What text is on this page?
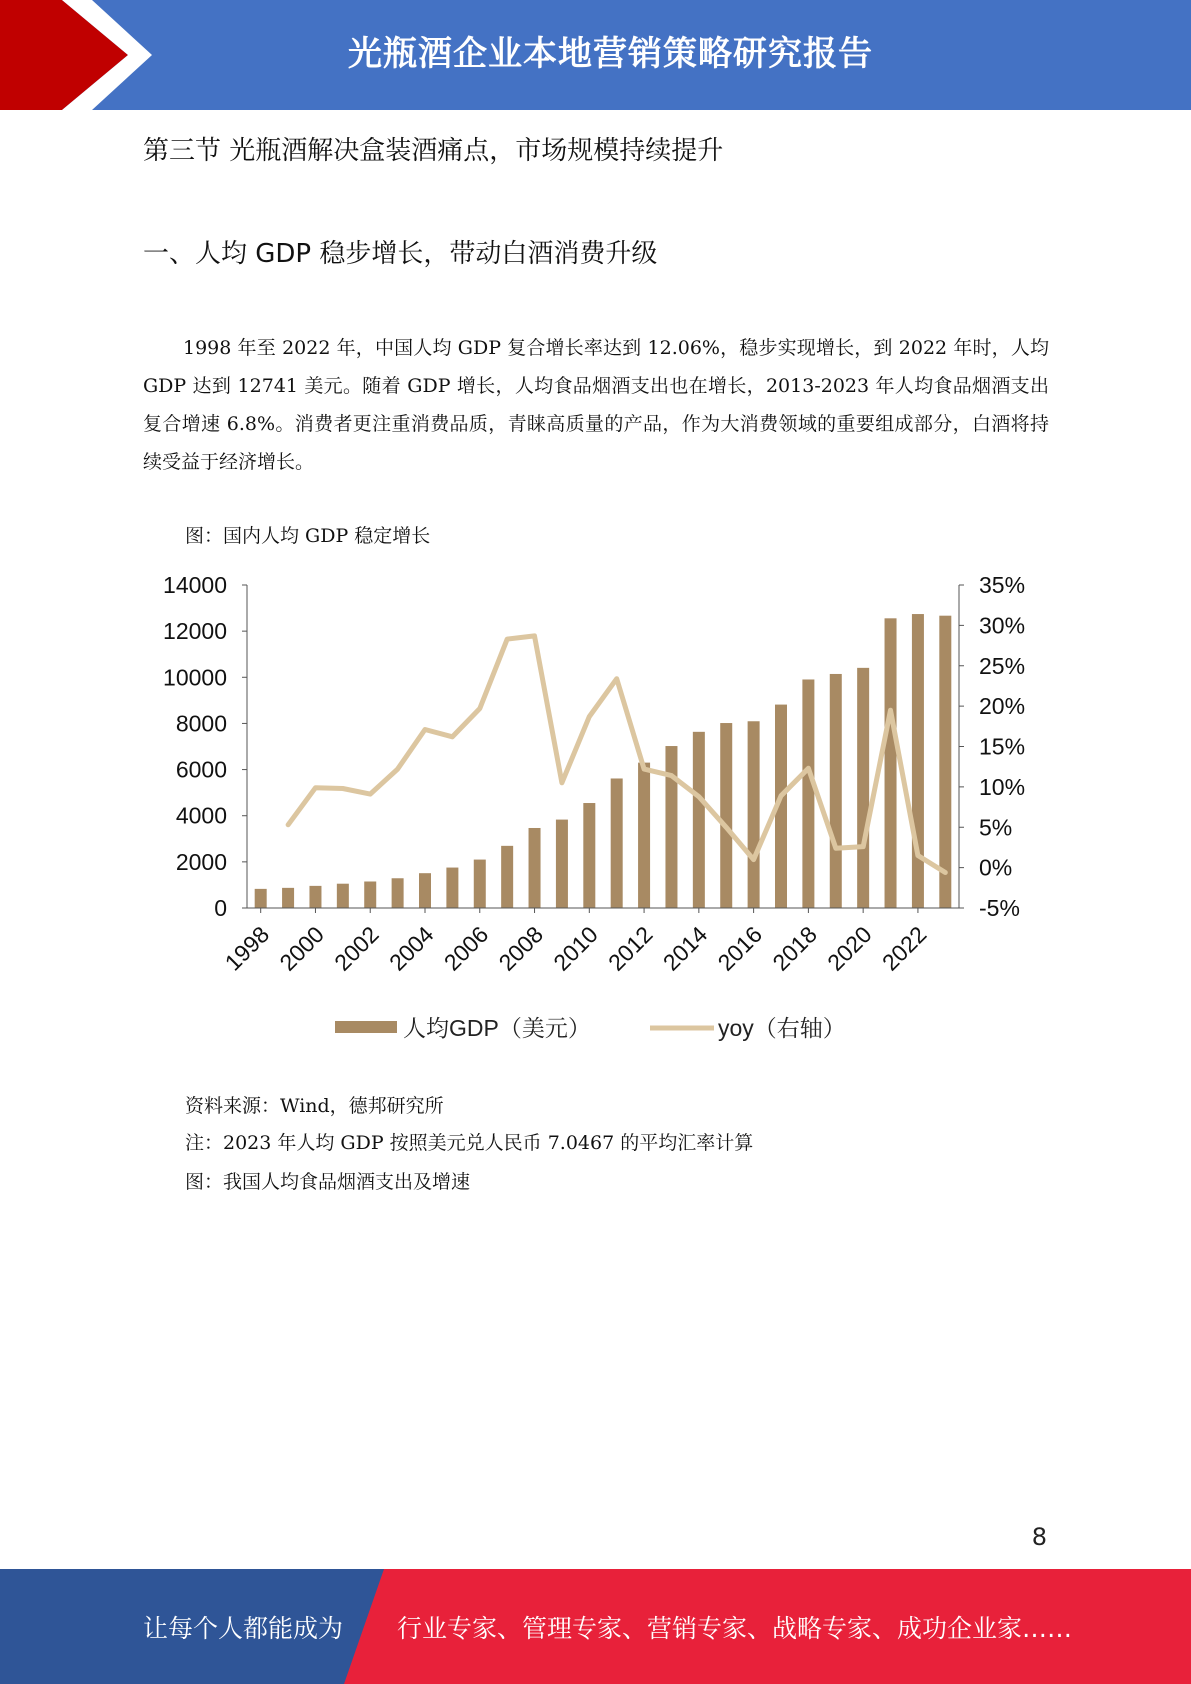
光瓶酒企业本地营销策略研究报告
第三节 光瓶酒解决盒装酒痛点，市场规模持续提升
一、人均 GDP 稳步增长，带动白酒消费升级

1998 年至 2022 年，中国人均 GDP 复合增长率达到 12.06%，稳步实现增长，到 2022 年时，人均 GDP 达到 12741 美元。随着 GDP 增长，人均食品烟酒支出也在增长，2013-2023 年人均食品烟酒支出复合增速 6.8%。消费者更注重消费品质，青睐高质量的产品，作为大消费领域的重要组成部分，白酒将持续受益于经济增长。

图：国内人均 GDP 稳定增长
0
2000
4000
6000
8000
10000
12000
14000
-5%
0%
5%
10%
15%
20%
25%
30%
35%
1998 2000 2002 2004 2006 2008 2010 2012 2014 2016 2018 2020 2022
人均GDP（美元）	yoy（右轴）
资料来源：Wind，德邦研究所
注：2023 年人均 GDP 按照美元兑人民币 7.0467 的平均汇率计算
图：我国人均食品烟酒支出及增速
8
让每个人都能成为 行业专家、管理专家、营销专家、战略专家、成功企业家……
